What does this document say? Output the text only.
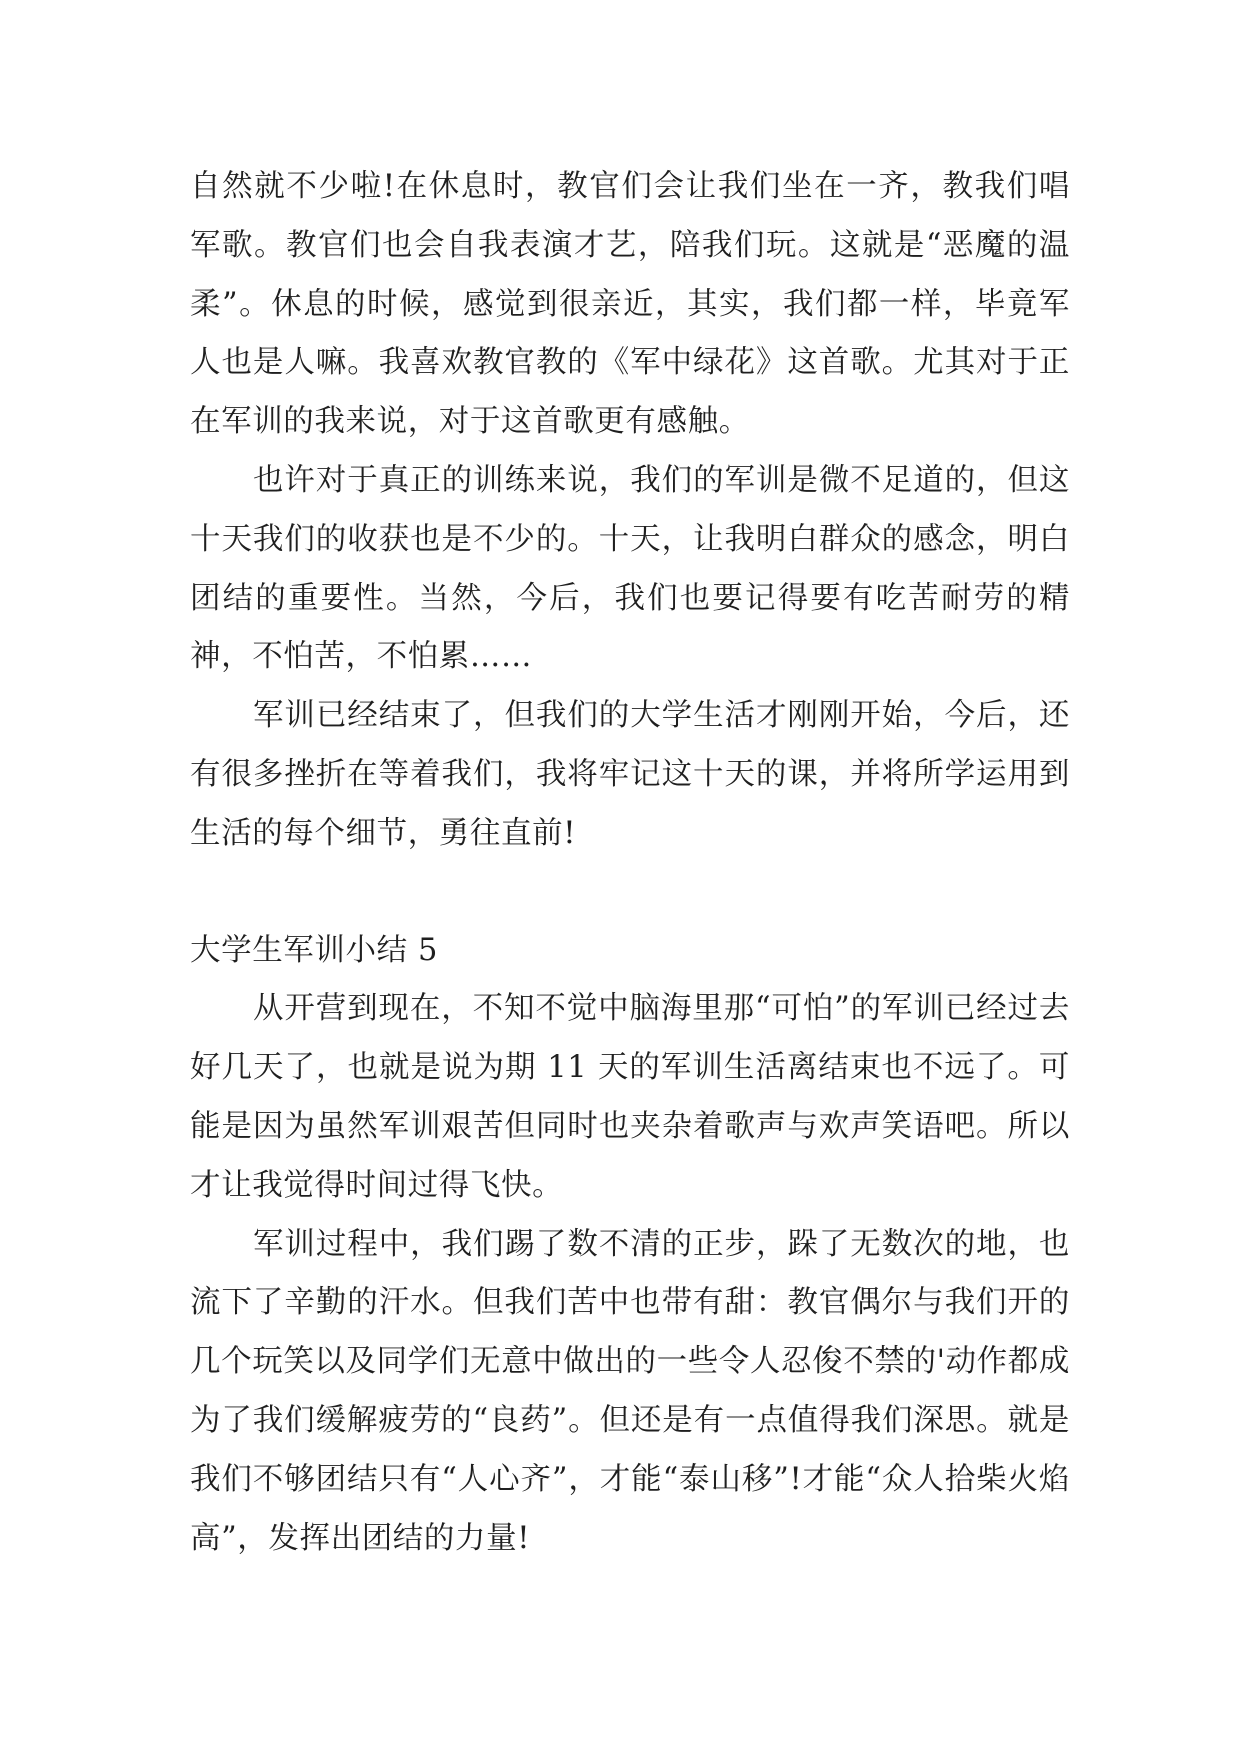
自然就不少啦!在休息时，教官们会让我们坐在一齐，教我们唱军歌。教官们也会自我表演才艺，陪我们玩。这就是“恶魔的温柔”。休息的时候，感觉到很亲近，其实，我们都一样，毕竟军人也是人嘛。我喜欢教官教的《军中绿花》这首歌。尤其对于正在军训的我来说，对于这首歌更有感触。

也许对于真正的训练来说，我们的军训是微不足道的，但这十天我们的收获也是不少的。十天，让我明白群众的感念，明白团结的重要性。当然，今后，我们也要记得要有吃苦耐劳的精神，不怕苦，不怕累……

军训已经结束了，但我们的大学生活才刚刚开始，今后，还有很多挫折在等着我们，我将牢记这十天的课，并将所学运用到生活的每个细节，勇往直前!

大学生军训小结 5

从开营到现在，不知不觉中脑海里那“可怕”的军训已经过去好几天了，也就是说为期 11 天的军训生活离结束也不远了。可能是因为虽然军训艰苦但同时也夹杂着歌声与欢声笑语吧。所以才让我觉得时间过得飞快。

军训过程中，我们踢了数不清的正步，跺了无数次的地，也流下了辛勤的汗水。但我们苦中也带有甜：教官偶尔与我们开的几个玩笑以及同学们无意中做出的一些令人忍俊不禁的'动作都成为了我们缓解疲劳的“良药”。但还是有一点值得我们深思。就是我们不够团结只有“人心齐”，才能“泰山移”!才能“众人拾柴火焰高”，发挥出团结的力量!
